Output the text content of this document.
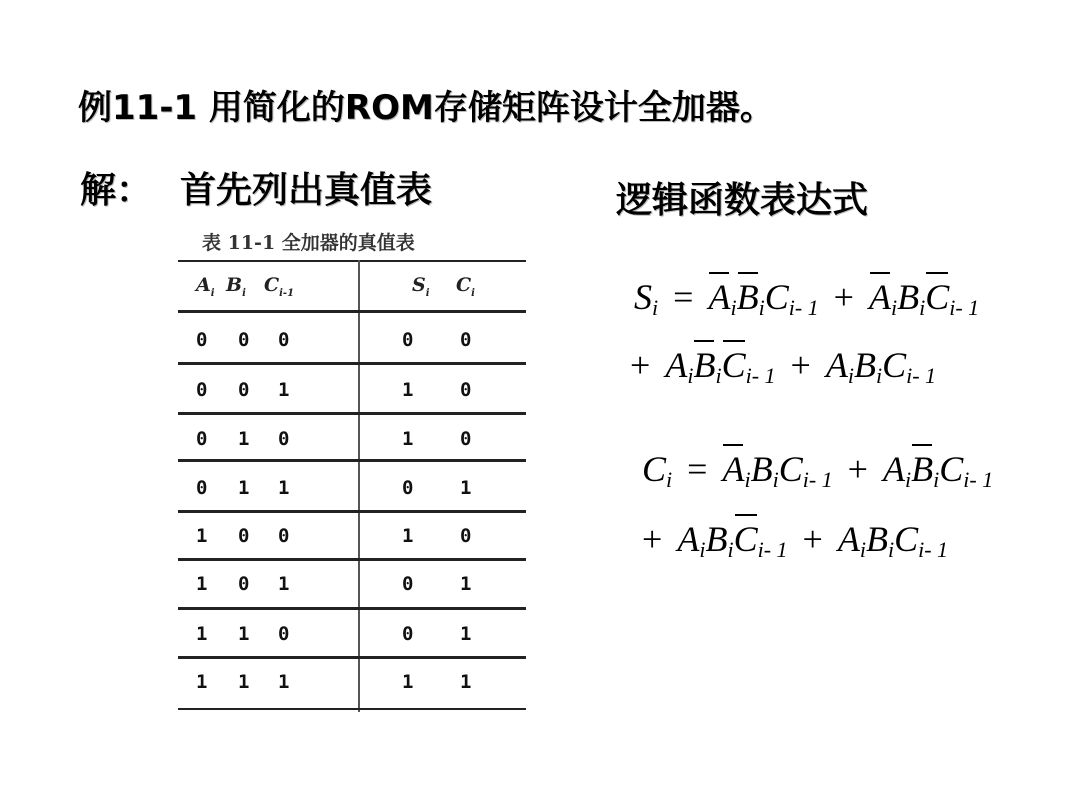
例11-1 用简化的ROM存储矩阵设计全加器。
解： 首先列出真值表	逻辑函数表达式
表 11-1 全加器的真值表
$A_i$ $B_i$ $C_{i-1}$	$S_i$ $C_i$
0 0 0	0 0
0 0 1	1 0
0 1 0	1 0
0 1 1	0 1
1 0 0	1 0
1 0 1	0 1
1 1 0	0 1
1 1 1	1 1
$S_i = A_iB_iC_{i- 1} + A_iB_iC_{i- 1}$
+ $A_iB_iC_{i- 1} + A_iB_iC_{i- 1}$
$C_i = A_iB_iC_{i- 1} + A_iB_iC_{i- 1}$
+ $A_iB_iC_{i- 1} + A_iB_iC_{i- 1}$
